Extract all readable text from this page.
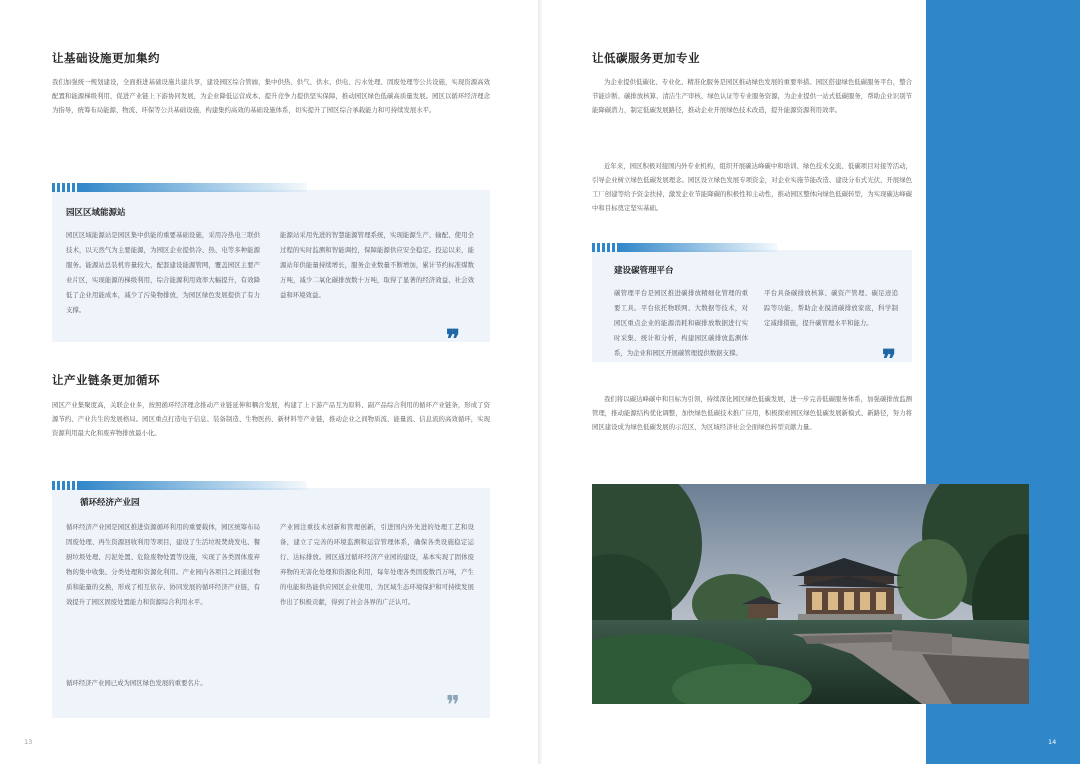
让基础设施更加集约

我们加强统一规划建设，全面推进基础设施共建共享，建设园区综合管廊，集中供热、供气、供水、供电、污水处理、固废处理等公共设施，实现资源高效配置和能源梯级利用，促进产业链上下游协同发展，为企业降低运营成本、提升竞争力提供坚实保障，推动园区绿色低碳高质量发展。园区以循环经济理念为指导，统筹布局能源、物流、环保等公共基础设施，构建集约高效的基础设施体系，切实提升了园区综合承载能力和可持续发展水平。

园区区域能源站

园区区域能源站是园区集中供能的重要基础设施，采用冷热电三联供技术，以天然气为主要能源，为园区企业提供冷、热、电等多种能源服务。能源站总装机容量较大，配套建设能源管网，覆盖园区主要产业片区，实现能源的梯级利用，综合能源利用效率大幅提升，有效降低了企业用能成本，减少了污染物排放，为园区绿色发展提供了有力支撑。

能源站采用先进的智慧能源管理系统，实现能源生产、输配、使用全过程的实时监测和智能调控，保障能源供应安全稳定。投运以来，能源站年供能量持续增长，服务企业数量不断增加，累计节约标准煤数万吨，减少二氧化碳排放数十万吨，取得了显著的经济效益、社会效益和环境效益。

❞
让产业链条更加循环

园区产业集聚度高，关联企业多，按照循环经济理念推动产业链延伸和耦合发展，构建了上下游产品互为原料、副产品综合利用的循环产业链条，形成了资源节约、产业共生的发展格局。园区重点打造电子信息、装备制造、生物医药、新材料等产业链，推动企业之间物质流、能量流、信息流的高效循环，实现资源利用最大化和废弃物排放最小化。

循环经济产业园

循环经济产业园是园区推进资源循环利用的重要载体，园区统筹布局固废处理、再生资源回收利用等项目，建设了生活垃圾焚烧发电、餐厨垃圾处理、污泥处置、危险废物处置等设施，实现了各类固体废弃物的集中收集、分类处理和资源化利用。产业园内各项目之间通过物质和能量的交换，形成了相互依存、协同发展的循环经济产业链，有效提升了园区固废处置能力和资源综合利用水平。

循环经济产业园已成为园区绿色发展的重要名片。

产业园注重技术创新和管理创新，引进国内外先进的处理工艺和设备，建立了完善的环境监测和运营管理体系，确保各类设施稳定运行、达标排放。园区通过循环经济产业园的建设，基本实现了固体废弃物的无害化处理和资源化利用，每年处理各类固废数百万吨，产生的电能和热能供应园区企业使用，为区域生态环境保护和可持续发展作出了积极贡献，得到了社会各界的广泛认可。

❞
13
让低碳服务更加专业

为企业提供低碳化、专业化、精准化服务是园区推动绿色发展的重要举措。园区搭建绿色低碳服务平台，整合节能诊断、碳排放核算、清洁生产审核、绿色认证等专业服务资源，为企业提供一站式低碳服务，帮助企业识别节能降碳潜力，制定低碳发展路径，推动企业开展绿色技术改造，提升能源资源利用效率。

近年来，园区积极对接国内外专业机构，组织开展碳达峰碳中和培训、绿色技术交流、低碳项目对接等活动，引导企业树立绿色低碳发展理念。园区设立绿色发展专项资金，对企业实施节能改造、建设分布式光伏、开展绿色工厂创建等给予资金扶持，激发企业节能降碳的积极性和主动性，推动园区整体向绿色低碳转型，为实现碳达峰碳中和目标奠定坚实基础。

建设碳管理平台

碳管理平台是园区推进碳排放精细化管理的重要工具。平台依托物联网、大数据等技术，对园区重点企业的能源消耗和碳排放数据进行实时采集、统计和分析，构建园区碳排放监测体系，为企业和园区开展碳管理提供数据支撑。

平台具备碳排放核算、碳资产管理、碳足迹追踪等功能，帮助企业摸清碳排放家底，科学制定减排措施，提升碳管理水平和能力。

❞

我们将以碳达峰碳中和目标为引领，持续深化园区绿色低碳发展，进一步完善低碳服务体系，加强碳排放监测管理，推动能源结构优化调整，加快绿色低碳技术推广应用，积极探索园区绿色低碳发展新模式、新路径，努力将园区建设成为绿色低碳发展的示范区，为区域经济社会全面绿色转型贡献力量。

14
